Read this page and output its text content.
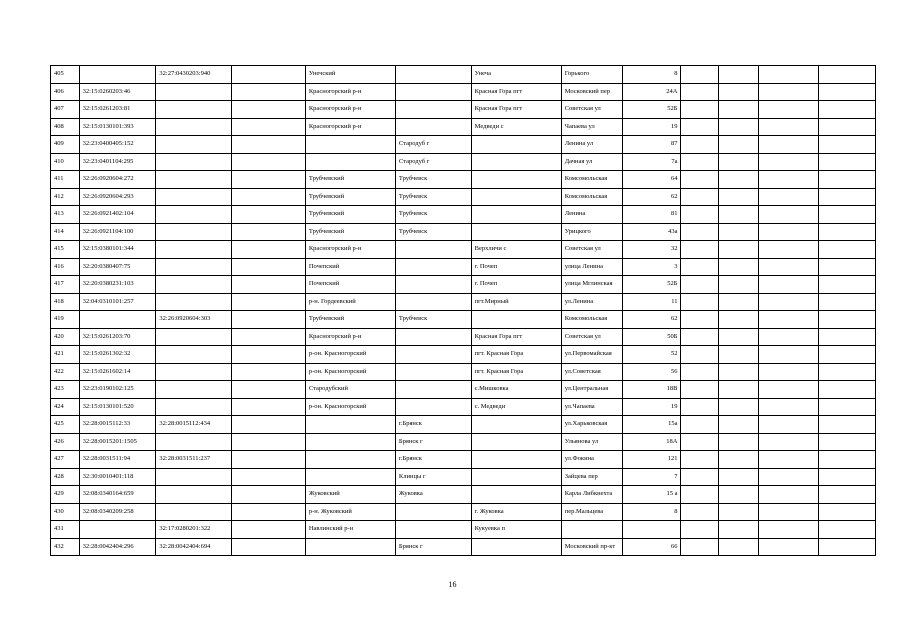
405		32:27:0430203:940		Унечский		Унеча	Горького	8				
406	32:15:0260203:46			Красногорский р-н		Красная Гора пгт	Московский пер	24А				
407	32:15:0261203:81			Красногорский р-н		Красная Гора пгт	Советская ул	52Б				
408	32:15:0130101:393			Красногорский р-н		Медведи с	Чапаева ул	19				
409	32:23:0400405:152				Стародуб г		Ленина ул	87				
410	32:23:0401104:295				Стародуб г		Дачная ул	7а				
411	32:26:0920604:272			Трубчевский	Трубчевск		Комсомольская	64				
412	32:26:0920604:293			Трубчевский	Трубчевск		Комсомольская	62				
413	32:26:0921402:104			Трубчевский	Трубчевск		Ленина	81				
414	32:26:0921104:100			Трубчевский	Трубчевск		Урицкого	43а				
415	32:15:0380101:344			Красногорский р-н		Верхличи с	Советская ул	32				
416	32:20:0380407:75			Почепский		г. Почеп	улица Ленина	3				
417	32:20:0380231:103			Почепский		г. Почеп	улица Мглинская	52Б				
418	32:04:0310101:257			р-н. Гордеевский		пгт.Мирный	ул.Ленина	11				
419		32:26:0920604:303		Трубчевский	Трубчевск		Комсомольская	62				
420	32:15:0261203:70			Красногорский р-н		Красная Гора пгт	Советская ул	50Б				
421	32:15:0261302:32			р-он. Красногорский		пгт. Красная Гора	ул.Первомайская	52				
422	32:15:0261602:14			р-он. Красногорский		пгт. Красная Гора	ул.Советская	56				
423	32:23:0190102:125			Стародубский		с.Мишковка	ул.Центральная	18В				
424	32:15:0130101:520			р-он. Красногорский		с. Медведи	ул.Чапаева	19				
425	32:28:0015112:33	32:28:0015112:434			г.Брянск		ул.Харьковская	15а				
426	32:28:0015201:1505				Брянск г		Ульянова ул	18А				
427	32:28:0031511:94	32:28:0031511:237			г.Брянск		ул.Фокина	121				
428	32:30:0010401:118				Клинцы г		Зайцева пер	7				
429	32:08:0340164:659			Жуковский	Жуковка		Карла Либкнехта	15 а				
430	32:08:0340209:258			р-н. Жуковский		г. Жуковка	пер.Мальцева	8				
431		32:17:0280201:322		Навлинский р-н		Кукуевка п						
432	32:28:0042404:296	32:28:0042404:694			Брянск г		Московский пр-кт	66				
16
